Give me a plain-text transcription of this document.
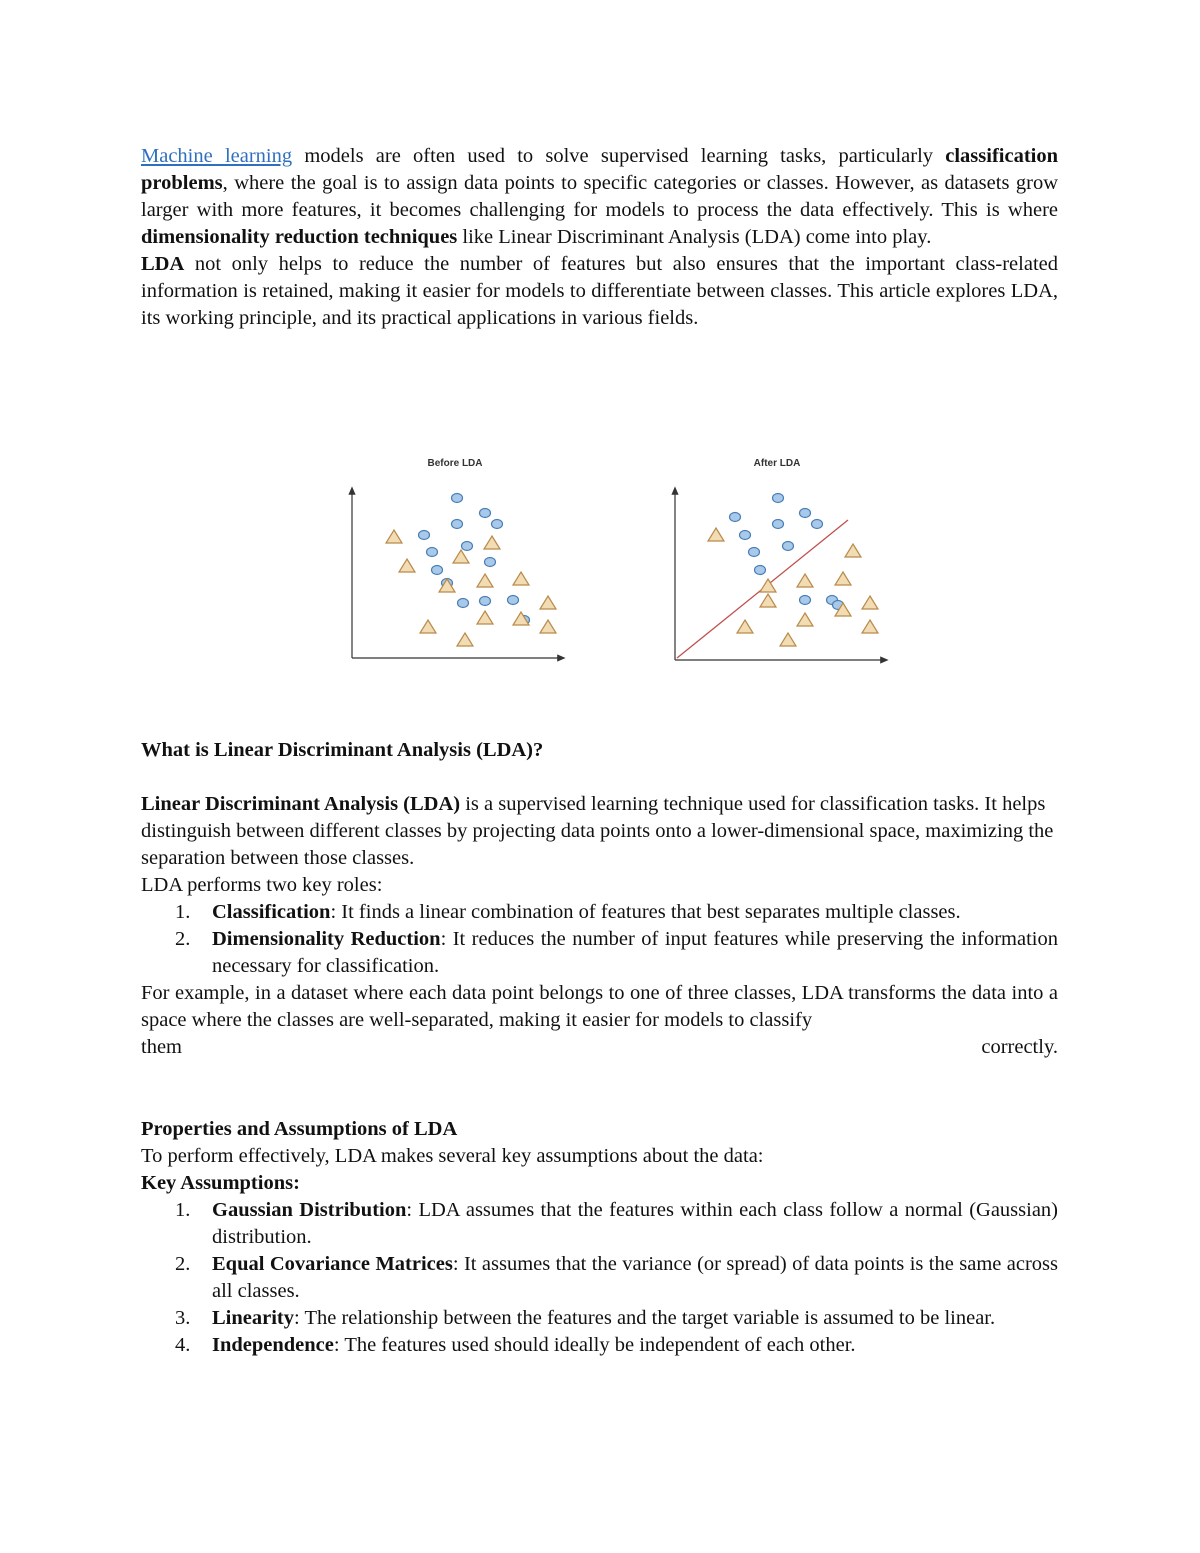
Machine learning models are often used to solve supervised learning tasks, particularly classification problems, where the goal is to assign data points to specific categories or classes. However, as datasets grow larger with more features, it becomes challenging for models to process the data effectively. This is where dimensionality reduction techniques like Linear Discriminant Analysis (LDA) come into play.

LDA not only helps to reduce the number of features but also ensures that the important class-related information is retained, making it easier for models to differentiate between classes. This article explores LDA, its working principle, and its practical applications in various fields.

Before LDA	After LDA

What is Linear Discriminant Analysis (LDA)?

Linear Discriminant Analysis (LDA) is a supervised learning technique used for classification tasks. It helps distinguish between different classes by projecting data points onto a lower-dimensional space, maximizing the separation between those classes.

LDA performs two key roles:

1. Classification: It finds a linear combination of features that best separates multiple classes.
2. Dimensionality Reduction: It reduces the number of input features while preserving the information necessary for classification.

For example, in a dataset where each data point belongs to one of three classes, LDA transforms the data into a space where the classes are well-separated, making it easier for models to classify

them	correctly.

Properties and Assumptions of LDA

To perform effectively, LDA makes several key assumptions about the data:

Key Assumptions:

1. Gaussian Distribution: LDA assumes that the features within each class follow a normal (Gaussian) distribution.
2. Equal Covariance Matrices: It assumes that the variance (or spread) of data points is the same across all classes.
3. Linearity: The relationship between the features and the target variable is assumed to be linear.
4. Independence: The features used should ideally be independent of each other.
